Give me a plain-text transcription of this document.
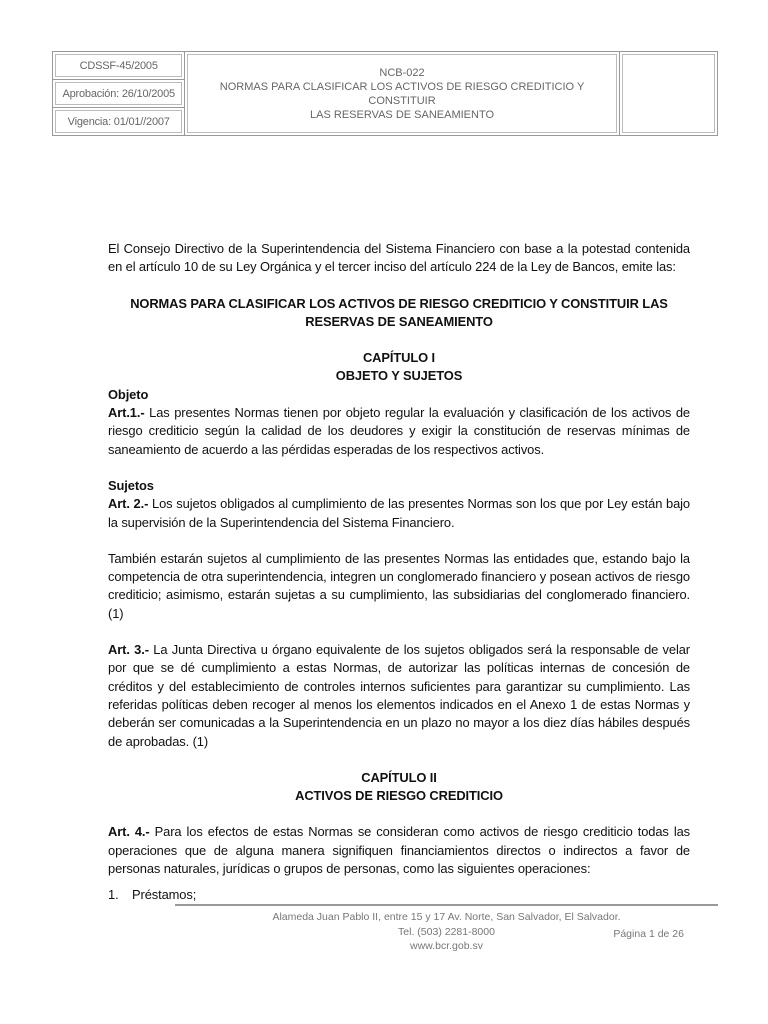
CDSSF-45/2005	
NCB-022
NORMAS PARA CLASIFICAR LOS ACTIVOS DE RIESGO CREDITICIO Y CONSTITUIR
LAS RESERVAS DE SANEAMIENTO

Aprobación: 26/10/2005
Vigencia: 01/01//2007

El Consejo Directivo de la Superintendencia del Sistema Financiero con base a la potestad contenida en el artículo 10 de su Ley Orgánica y el tercer inciso del artículo 224 de la Ley de Bancos, emite las:

NORMAS PARA CLASIFICAR LOS ACTIVOS DE RIESGO CREDITICIO Y CONSTITUIR LAS
RESERVAS DE SANEAMIENTO
CAPÍTULO I
OBJETO Y SUJETOS
Objeto

Art.1.- Las presentes Normas tienen por objeto regular la evaluación y clasificación de los activos de riesgo crediticio según la calidad de los deudores y exigir la constitución de reservas mínimas de saneamiento de acuerdo a las pérdidas esperadas de los respectivos activos.

Sujetos

Art. 2.- Los sujetos obligados al cumplimiento de las presentes Normas son los que por Ley están bajo la supervisión de la Superintendencia del Sistema Financiero.

También estarán sujetos al cumplimiento de las presentes Normas las entidades que, estando bajo la competencia de otra superintendencia, integren un conglomerado financiero y posean activos de riesgo crediticio; asimismo, estarán sujetas a su cumplimiento, las subsidiarias del conglomerado financiero. (1)

Art. 3.- La Junta Directiva u órgano equivalente de los sujetos obligados será la responsable de velar por que se dé cumplimiento a estas Normas, de autorizar las políticas internas de concesión de créditos y del establecimiento de controles internos suficientes para garantizar su cumplimiento. Las referidas políticas deben recoger al menos los elementos indicados en el Anexo 1 de estas Normas y deberán ser comunicadas a la Superintendencia en un plazo no mayor a los diez días hábiles después de aprobadas. (1)

CAPÍTULO II
ACTIVOS DE RIESGO CREDITICIO

Art. 4.- Para los efectos de estas Normas se consideran como activos de riesgo crediticio todas las operaciones que de alguna manera signifiquen financiamientos directos o indirectos a favor de personas naturales, jurídicas o grupos de personas, como las siguientes operaciones:

1.	Préstamos;
Alameda Juan Pablo II, entre 15 y 17 Av. Norte, San Salvador, El Salvador.
Tel. (503) 2281-8000
www.bcr.gob.sv
Página 1 de 26
